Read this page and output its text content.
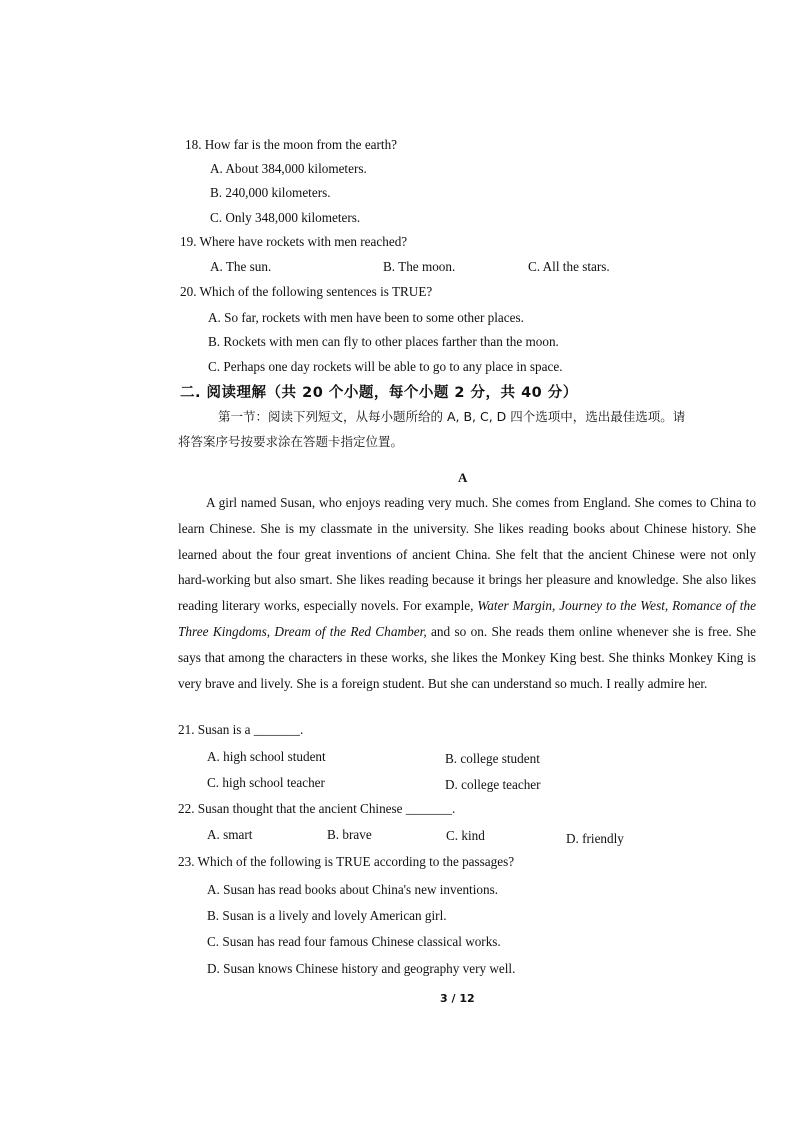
18. How far is the moon from the earth?
A. About 384,000 kilometers.
B. 240,000 kilometers.
C. Only 348,000 kilometers.
19. Where have rockets with men reached?
A. The sun.	B. The moon.	C. All the stars.
20. Which of the following sentences is TRUE?
A. So far, rockets with men have been to some other places.
B. Rockets with men can fly to other places farther than the moon.
C. Perhaps one day rockets will be able to go to any place in space.
二. 阅读理解（共 20 个小题，每个小题 2 分，共 40 分）
第一节：阅读下列短文，从每小题所给的 A, B, C, D 四个选项中，选出最佳选项。请
将答案序号按要求涂在答题卡指定位置。
A
A girl named Susan, who enjoys reading very much. She comes from England. She comes to China to learn Chinese. She is my classmate in the university. She likes reading books about Chinese history. She learned about the four great inventions of ancient China. She felt that the ancient Chinese were not only hard-working but also smart. She likes reading because it brings her pleasure and knowledge. She also likes reading literary works, especially novels. For example, Water Margin, Journey to the West, Romance of the Three Kingdoms, Dream of the Red Chamber, and so on. She reads them online whenever she is free. She says that among the characters in these works, she likes the Monkey King best. She thinks Monkey King is very brave and lively. She is a foreign student. But she can understand so much. I really admire her.
21. Susan is a _______.
A. high school student	B. college student
C. high school teacher	D. college teacher
22. Susan thought that the ancient Chinese _______.
A. smart	B. brave	C. kind	D. friendly
23. Which of the following is TRUE according to the passages?
A. Susan has read books about China's new inventions.
B. Susan is a lively and lovely American girl.
C. Susan has read four famous Chinese classical works.
D. Susan knows Chinese history and geography very well.
3 / 12
